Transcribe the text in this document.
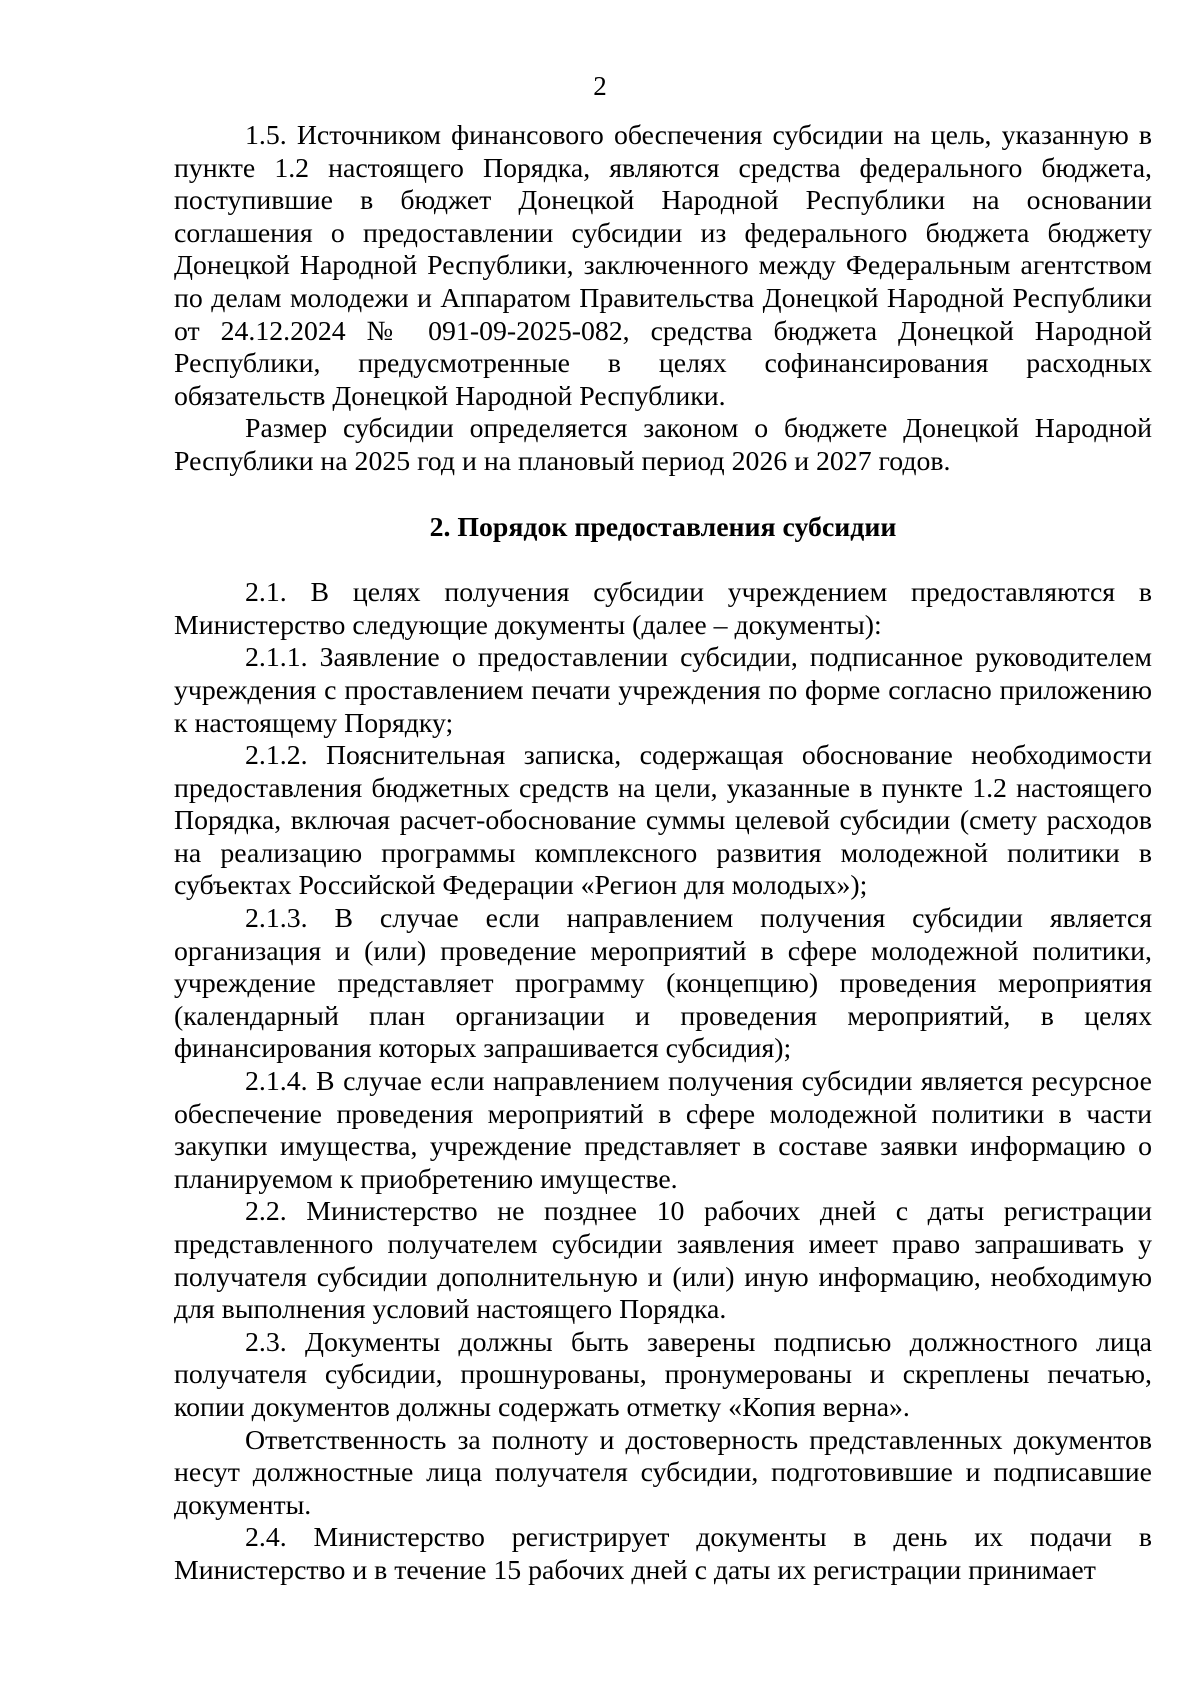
2

1.5. Источником финансового обеспечения субсидии на цель, указанную в пункте 1.2 настоящего Порядка, являются средства федерального бюджета, поступившие в бюджет Донецкой Народной Республики на основании соглашения о предоставлении субсидии из федерального бюджета бюджету Донецкой Народной Республики, заключенного между Федеральным агентством по делам молодежи и Аппаратом Правительства Донецкой Народной Республики от 24.12.2024 № 091-09-2025-082, средства бюджета Донецкой Народной Республики, предусмотренные в целях софинансирования расходных обязательств Донецкой Народной Республики.

Размер субсидии определяется законом о бюджете Донецкой Народной Республики на 2025 год и на плановый период 2026 и 2027 годов.

2. Порядок предоставления субсидии

2.1. В целях получения субсидии учреждением предоставляются в Министерство следующие документы (далее – документы):

2.1.1. Заявление о предоставлении субсидии, подписанное руководителем учреждения с проставлением печати учреждения по форме согласно приложению к настоящему Порядку;

2.1.2. Пояснительная записка, содержащая обоснование необходимости предоставления бюджетных средств на цели, указанные в пункте 1.2 настоящего Порядка, включая расчет-обоснование суммы целевой субсидии (смету расходов на реализацию программы комплексного развития молодежной политики в субъектах Российской Федерации «Регион для молодых»);

2.1.3. В случае если направлением получения субсидии является организация и (или) проведение мероприятий в сфере молодежной политики, учреждение представляет программу (концепцию) проведения мероприятия (календарный план организации и проведения мероприятий, в целях финансирования которых запрашивается субсидия);

2.1.4. В случае если направлением получения субсидии является ресурсное обеспечение проведения мероприятий в сфере молодежной политики в части закупки имущества, учреждение представляет в составе заявки информацию о планируемом к приобретению имуществе.

2.2. Министерство не позднее 10 рабочих дней с даты регистрации представленного получателем субсидии заявления имеет право запрашивать у получателя субсидии дополнительную и (или) иную информацию, необходимую для выполнения условий настоящего Порядка.

2.3. Документы должны быть заверены подписью должностного лица получателя субсидии, прошнурованы, пронумерованы и скреплены печатью, копии документов должны содержать отметку «Копия верна».

Ответственность за полноту и достоверность представленных документов несут должностные лица получателя субсидии, подготовившие и подписавшие документы.

2.4. Министерство регистрирует документы в день их подачи в Министерство и в течение 15 рабочих дней с даты их регистрации принимает
